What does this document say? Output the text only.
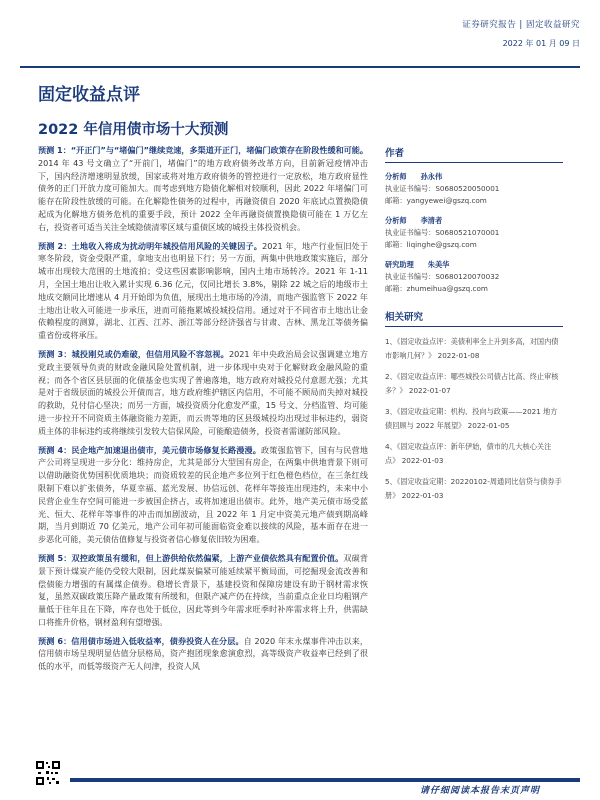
证券研究报告 | 固定收益研究
2022 年 01 月 09 日
固定收益点评
2022 年信用债市场十大预测

预测 1：“开正门”与“堵偏门”继续竞速，多渠道开正门，堵偏门政策存在阶段性缓和可能。2014 年 43 号文确立了“开前门，堵偏门”的地方政府债务改革方向，目前新冠疫情冲击下，国内经济增速明显放缓，国家或将对地方政府债务的管控进行一定放松，地方政府显性债务的正门开放力度可能加大。而考虑到地方隐债化解相对较顺利，因此 2022 年堵偏门可能存在阶段性放缓的可能。在化解隐性债务的过程中，再融资债自 2020 年底试点置换隐债起成为化解地方债务危机的重要手段，预计 2022 全年再融资债置换隐债可能在 1 万亿左右，投资者可适当关注全域隐债清零区域与重债区域的城投主体投资机会。

预测 2：土地收入将成为扰动明年城投信用风险的关键因子。2021 年，地产行业恒旧处于寒冬阶段，资金受限严重，拿地支出也明显下行；另一方面，两集中供地政策实施后，部分城市出现较大范围的土地流拍；受这些因素影响影响，国内土地市场转冷。2021 年 1-11 月，全国土地出让收入累计实现 6.36 亿元，仅同比增长 3.8%，剔除 22 城之后的地级市土地成交额同比增速从 4 月开始即为负值，展现出土地市场的冷清，而地产强监管下 2022 年土地出让收入可能进一步承压，进而可能拖累城投城投信用。通过对于不同省市土地出让金依赖程度的测算，湖北、江西、江苏、浙江等部分经济强省与甘肃、吉林、黑龙江等债务偏重省份或将承压。

预测 3：城投刚兑或仍难破，但信用风险不容忽视。2021 年中央政治局会议强调建立地方党政主要领导负责的财政金融风险处置机制，进一步体现中央对于化解财政金融风险的重视；而各个省区县层面的化债基金也实现了普遍落地，地方政府对城投兑付意愿尤强；尤其是对于省级层面的城投公开债而言，地方政府维护辖区内信用，不可能不顾局而失掉对城投的救助，兑付信心坚决；而另一方面，城投资质分化愈发严重，15 号文、分档监管、均可能进一步拉开不同资质主体融资能力差距，而云贵等地的区县级城投均出现过非标违约，弱资质主体的非标违约或将继续引发较大信保风险，可能酿造债务，投资者需谨防部风险。

预测 4：民企地产加速退出债市，美元债市场修复长路漫漫。政策强监管下，国有与民营地产公司将呈现进一步分化：维持房企，尤其是部分大型国有房企，在两集中供地背景下则可以借助融资优势国积优质地块；而资质较差的民企地产多位列于红色橙色档位，在三条红线限制下难以扩张债务，华夏幸福、蓝光发展、协信远创、花样年等接连出现违约，未来中小民营企业生存空间可能进一步被国企挤占，或将加速退出债市。此外，地产美元债市场受蓝光、恒大、花样年等事件的冲击而加剧波动，且 2022 年 1 月定中资美元地产债到期高峰期，当月到期近 70 亿美元，地产公司年初可能面临资金难以接续的风险，基本面存在进一步恶化可能，美元债估值修复与投资者信心修复依旧较为困难。

预测 5：双控政策虽有缓和，但上游供给依然偏紧，上游产业债依然具有配置价值。双碳背景下预计煤炭产能仍受较大限制，因此煤炭偏紧可能延续紧平衡局面，可挖掘现金流改善和偿债能力增强的有属煤企债券。稳增长背景下，基建投资和保障房建设有助于钢材需求恢复，虽然双碳政策压降产量政策有所缓和，但限产减产仍在持续，当前重点企业日均粗钢产量低于往年且在下降，库存也处于低位，因此等到今年需求旺季时补库需求将上升，供需缺口将推升价格，钢材盈利有望增强。

预测 6：信用债市场进入低收益率，债券投资人在分层。自 2020 年末永煤事件冲击以来，信用债市场呈现明显估值分层格局，资产抱团现象愈演愈烈，高等级资产收益率已经到了很低的水平，而低等级资产无人问津，投资人风

作者
分析师 孙永伟
执业证书编号：S0680520050001
邮箱：yangyewei@gszq.com
分析师 李清者
执业证书编号：S0680521070001
邮箱：liqinghe@gszq.com
研究助理 朱美华
执业证书编号：S0680120070032
邮箱：zhumeihua@gszq.com
相关研究
1、《固定收益点评：美债利率全上升到多高，对国内债市影响几何？》 2022-01-08
2、《固定收益点评：哪些城投公司债占比高、终止审核多？》 2022-01-07
3、《固定收益定期：机构、投向与政策——2021 地方债回顾与 2022 年展望》 2022-01-05
4、《固定收益点评：新年伊始，债市的几大核心关注点》 2022-01-03
5、《固定收益定期：20220102-周通同比信贷与债券手册》 2022-01-03
请仔细阅读本报告末页声明
